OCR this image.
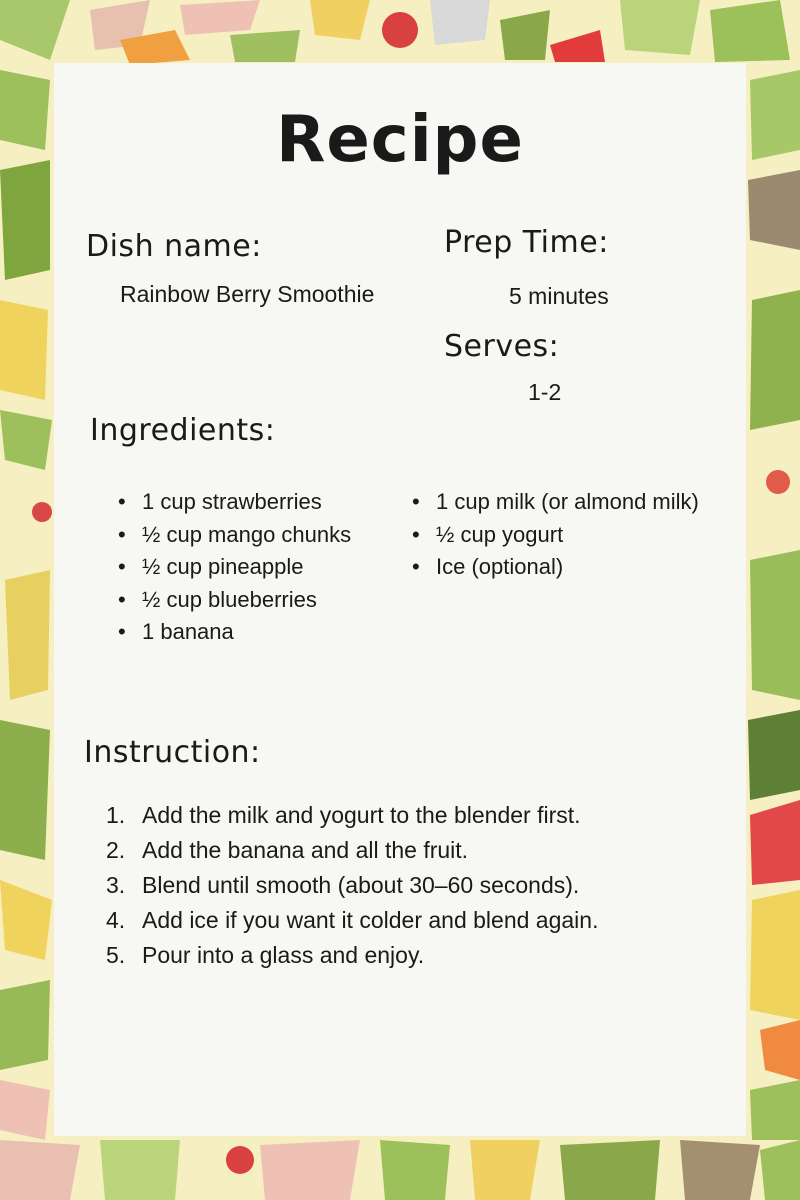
Recipe
Dish name:
Rainbow Berry Smoothie
Prep Time:
5 minutes
Serves:
1-2
Ingredients:
• 1 cup strawberries
• ½ cup mango chunks
• ½ cup pineapple
• ½ cup blueberries
• 1 banana
• 1 cup milk (or almond milk)
• ½ cup yogurt
• Ice (optional)
Instruction:
1. Add the milk and yogurt to the blender first.
2. Add the banana and all the fruit.
3. Blend until smooth (about 30–60 seconds).
4. Add ice if you want it colder and blend again.
5. Pour into a glass and enjoy.
